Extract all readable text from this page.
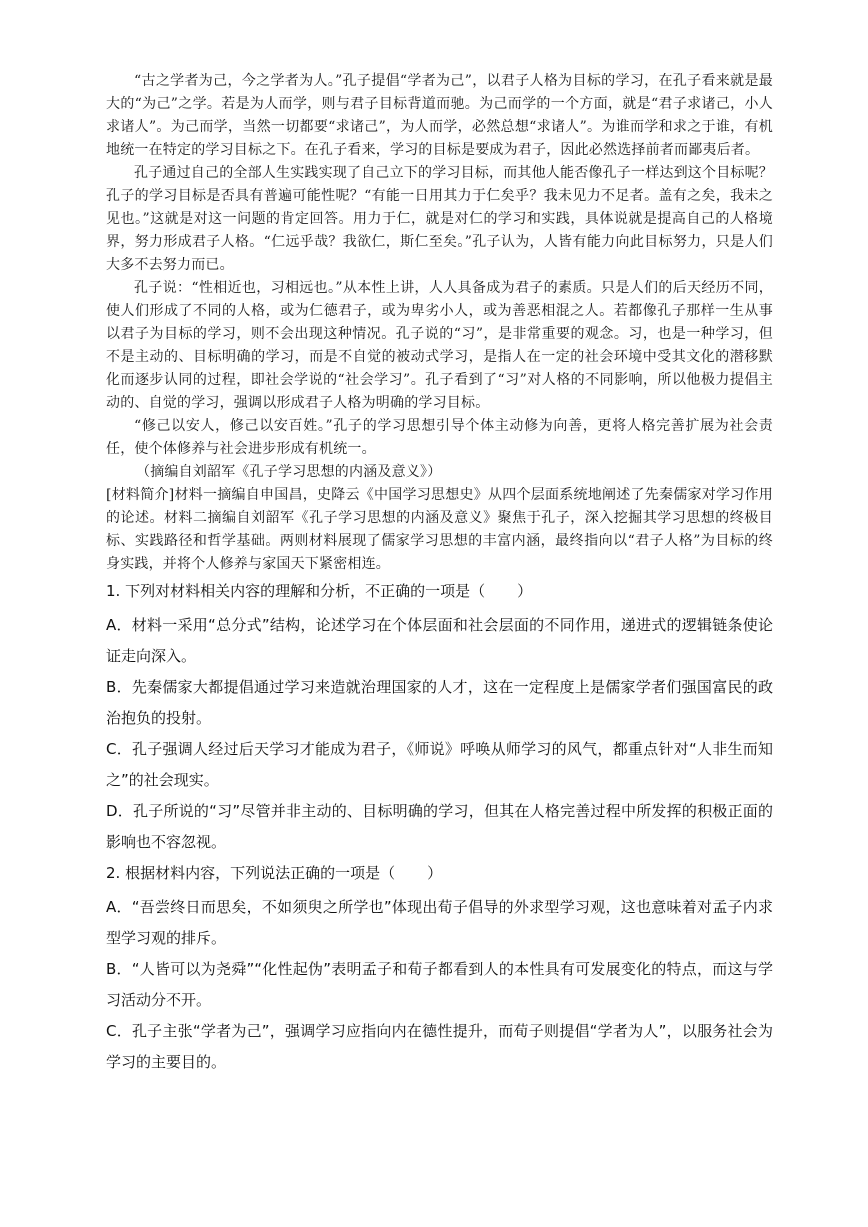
“古之学者为己，今之学者为人。”孔子提倡“学者为己”，以君子人格为目标的学习，在孔子看来就是最大的“为己”之学。若是为人而学，则与君子目标背道而驰。为己而学的一个方面，就是“君子求诸己，小人求诸人”。为己而学，当然一切都要“求诸己”，为人而学，必然总想“求诸人”。为谁而学和求之于谁，有机地统一在特定的学习目标之下。在孔子看来，学习的目标是要成为君子，因此必然选择前者而鄙夷后者。

孔子通过自己的全部人生实践实现了自己立下的学习目标，而其他人能否像孔子一样达到这个目标呢？孔子的学习目标是否具有普遍可能性呢？“有能一日用其力于仁矣乎？我未见力不足者。盖有之矣，我未之见也。”这就是对这一问题的肯定回答。用力于仁，就是对仁的学习和实践，具体说就是提高自己的人格境界，努力形成君子人格。“仁远乎哉？我欲仁，斯仁至矣。”孔子认为，人皆有能力向此目标努力，只是人们大多不去努力而已。

孔子说：“性相近也，习相远也。”从本性上讲，人人具备成为君子的素质。只是人们的后天经历不同，使人们形成了不同的人格，或为仁德君子，或为卑劣小人，或为善恶相混之人。若都像孔子那样一生从事以君子为目标的学习，则不会出现这种情况。孔子说的“习”，是非常重要的观念。习，也是一种学习，但不是主动的、目标明确的学习，而是不自觉的被动式学习，是指人在一定的社会环境中受其文化的潜移默化而逐步认同的过程，即社会学说的“社会学习”。孔子看到了“习”对人格的不同影响，所以他极力提倡主动的、自觉的学习，强调以形成君子人格为明确的学习目标。

“修己以安人，修己以安百姓。”孔子的学习思想引导个体主动修为向善，更将人格完善扩展为社会责任，使个体修养与社会进步形成有机统一。

（摘编自刘韶军《孔子学习思想的内涵及意义》）

[材料简介]材料一摘编自申国昌，史降云《中国学习思想史》从四个层面系统地阐述了先秦儒家对学习作用的论述。材料二摘编自刘韶军《孔子学习思想的内涵及意义》聚焦于孔子，深入挖掘其学习思想的终极目标、实践路径和哲学基础。两则材料展现了儒家学习思想的丰富内涵，最终指向以“君子人格”为目标的终身实践，并将个人修养与家国天下紧密相连。

1. 下列对材料相关内容的理解和分析，不正确的一项是（ ）

A．材料一采用“总分式”结构，论述学习在个体层面和社会层面的不同作用，递进式的逻辑链条使论证走向深入。

B．先秦儒家大都提倡通过学习来造就治理国家的人才，这在一定程度上是儒家学者们强国富民的政治抱负的投射。

C．孔子强调人经过后天学习才能成为君子，《师说》呼唤从师学习的风气，都重点针对“人非生而知之”的社会现实。

D．孔子所说的“习”尽管并非主动的、目标明确的学习，但其在人格完善过程中所发挥的积极正面的影响也不容忽视。

2. 根据材料内容，下列说法正确的一项是（ ）

A．“吾尝终日而思矣，不如须臾之所学也”体现出荀子倡导的外求型学习观，这也意味着对孟子内求型学习观的排斥。

B．“人皆可以为尧舜”“化性起伪”表明孟子和荀子都看到人的本性具有可发展变化的特点，而这与学习活动分不开。

C．孔子主张“学者为己”，强调学习应指向内在德性提升，而荀子则提倡“学者为人”，以服务社会为学习的主要目的。
